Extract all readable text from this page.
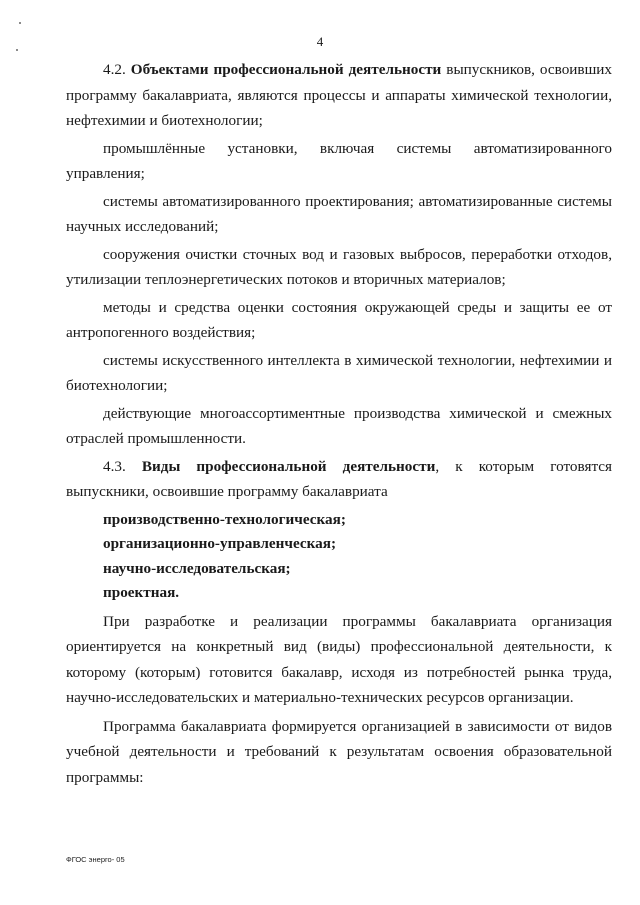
4

4.2. Объектами профессиональной деятельности выпускников, освоивших программу бакалавриата, являются процессы и аппараты химической технологии, нефтехимии и биотехнологии;

промышлённые установки, включая системы автоматизированного управления;

системы автоматизированного проектирования; автоматизированные системы научных исследований;

сооружения очистки сточных вод и газовых выбросов, переработки отходов, утилизации теплоэнергетических потоков и вторичных материалов;

методы и средства оценки состояния окружающей среды и защиты ее от антропогенного воздействия;

системы искусственного интеллекта в химической технологии, нефтехимии и биотехнологии;

действующие многоассортиментные производства химической и смежных отраслей промышленности.

4.3. Виды профессиональной деятельности, к которым готовятся выпускники, освоившие программу бакалавриата

производственно-технологическая;

организационно-управленческая;

научно-исследовательская;

проектная.

При разработке и реализации программы бакалавриата организация ориентируется на конкретный вид (виды) профессиональной деятельности, к которому (которым) готовится бакалавр, исходя из потребностей рынка труда, научно-исследовательских и материально-технических ресурсов организации.

Программа бакалавриата формируется организацией в зависимости от видов учебной деятельности и требований к результатам освоения образовательной программы:

ФГОС энерго- 05
